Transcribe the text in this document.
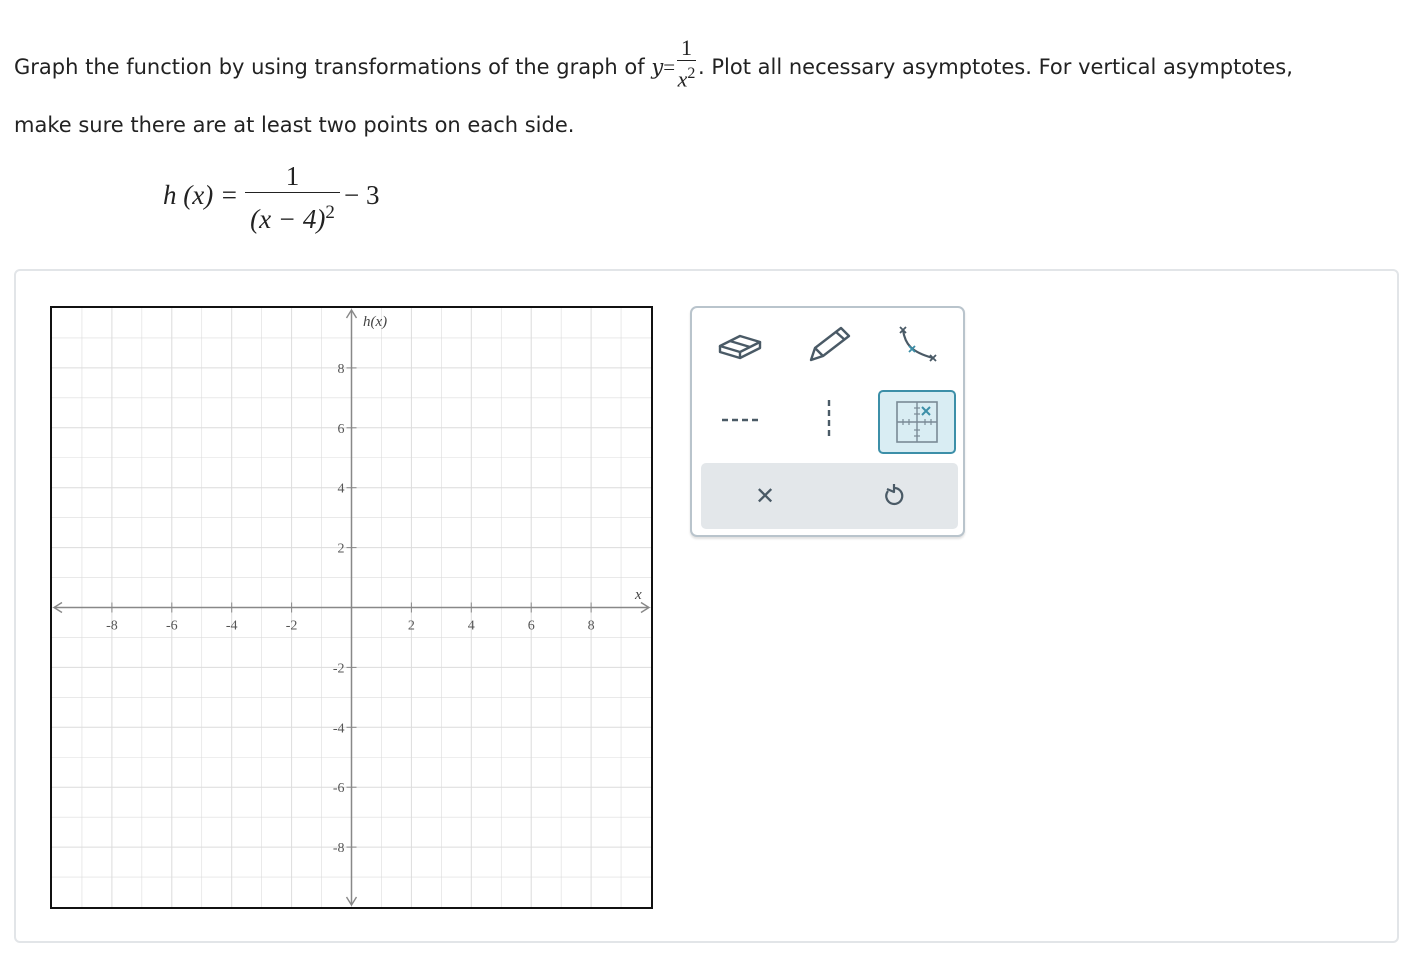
Graph the function by using transformations of the graph of $y= \frac{1}{x^2}$ . Plot all necessary asymptotes. For vertical asymptotes,
make sure there are at least two points on each side.
h $(x) = \frac{1}{(x - 4)^2} - 3$
-8	-6	-4	-2	2	4	6	8
8
6
4
2
-2
-4
-6
-8
h(x)
x
✕
